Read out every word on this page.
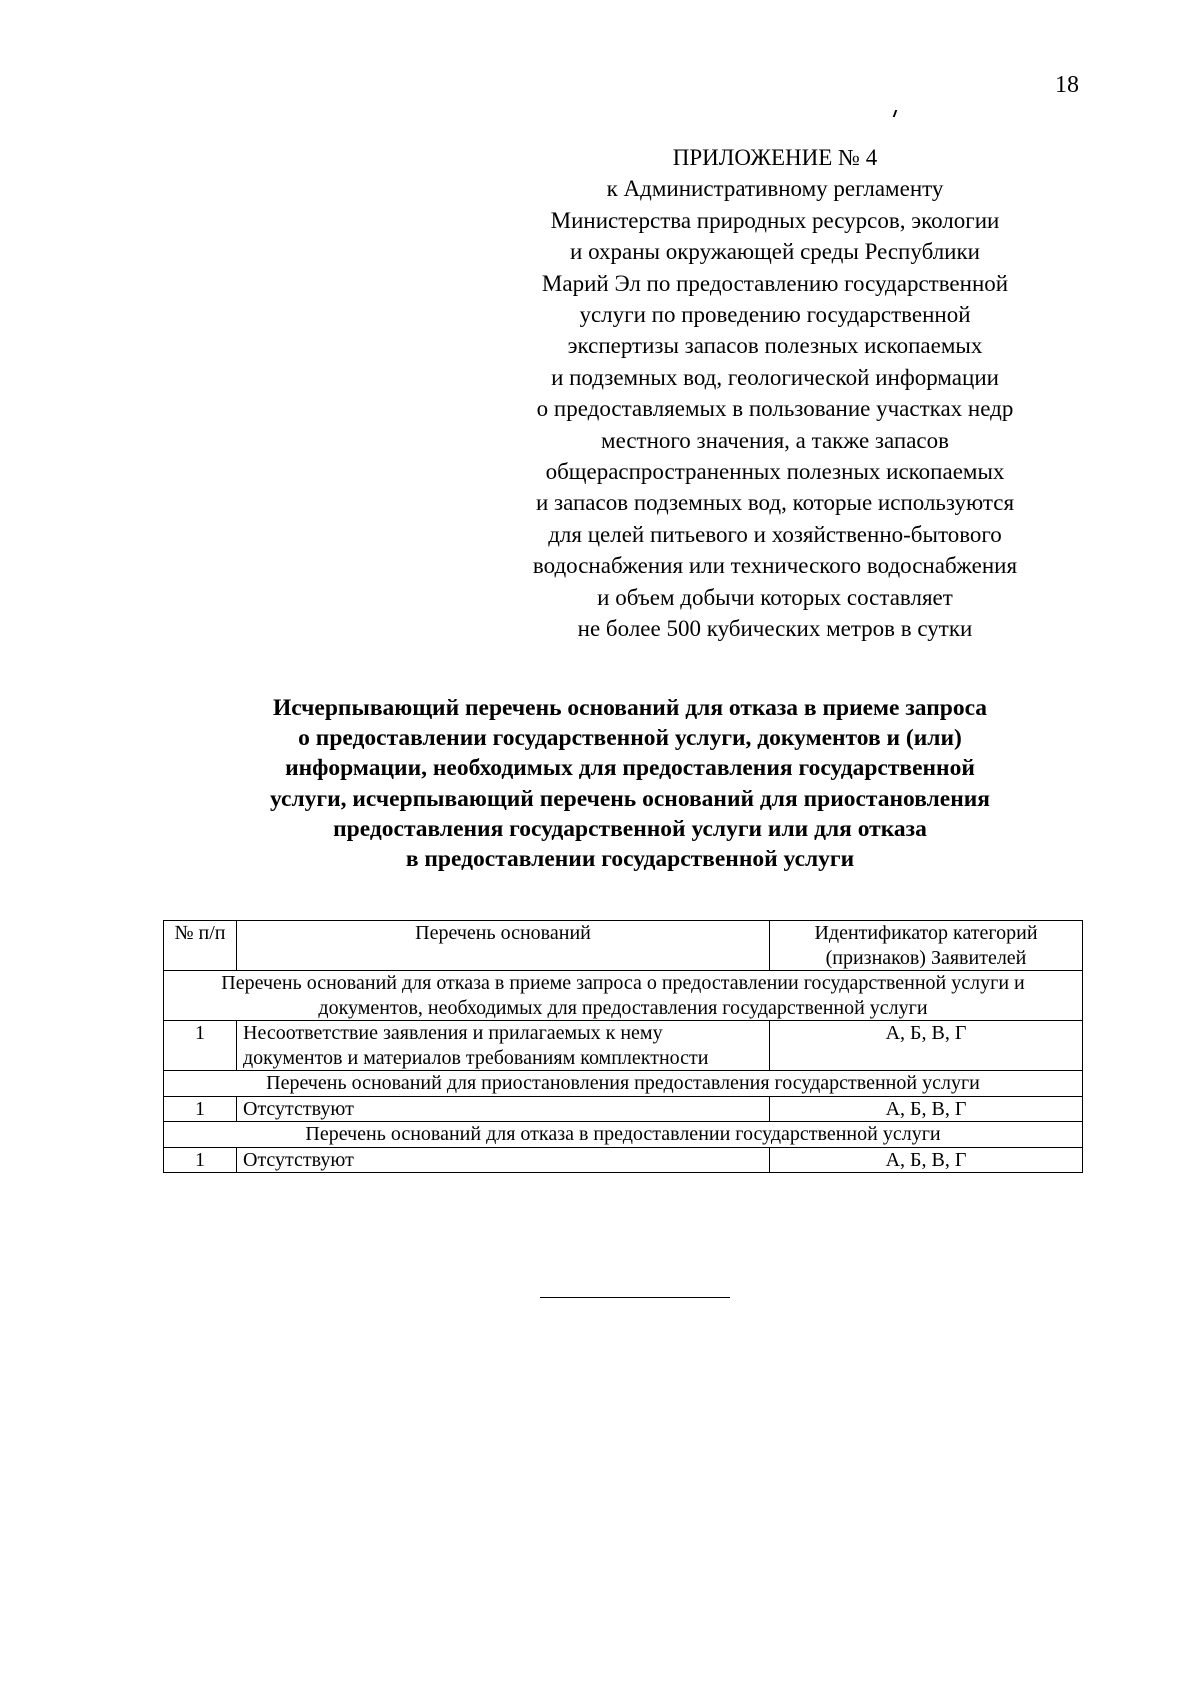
18
ПРИЛОЖЕНИЕ № 4
к Административному регламенту
Министерства природных ресурсов, экологии
и охраны окружающей среды Республики
Марий Эл по предоставлению государственной
услуги по проведению государственной
экспертизы запасов полезных ископаемых
и подземных вод, геологической информации
о предоставляемых в пользование участках недр
местного значения, а также запасов
общераспространенных полезных ископаемых
и запасов подземных вод, которые используются
для целей питьевого и хозяйственно-бытового
водоснабжения или технического водоснабжения
и объем добычи которых составляет
не более 500 кубических метров в сутки
Исчерпывающий перечень оснований для отказа в приеме запроса
о предоставлении государственной услуги, документов и (или)
информации, необходимых для предоставления государственной
услуги, исчерпывающий перечень оснований для приостановления
предоставления государственной услуги или для отказа
в предоставлении государственной услуги
№ п/п	Перечень оснований	Идентификатор категорий (признаков) Заявителей
Перечень оснований для отказа в приеме запроса о предоставлении государственной услуги и документов, необходимых для предоставления государственной услуги		
1	Несоответствие заявления и прилагаемых к нему документов и материалов требованиям комплектности	А, Б, В, Г
Перечень оснований для приостановления предоставления государственной услуги		
1	Отсутствуют	А, Б, В, Г
Перечень оснований для отказа в предоставлении государственной услуги		
1	Отсутствуют	А, Б, В, Г
